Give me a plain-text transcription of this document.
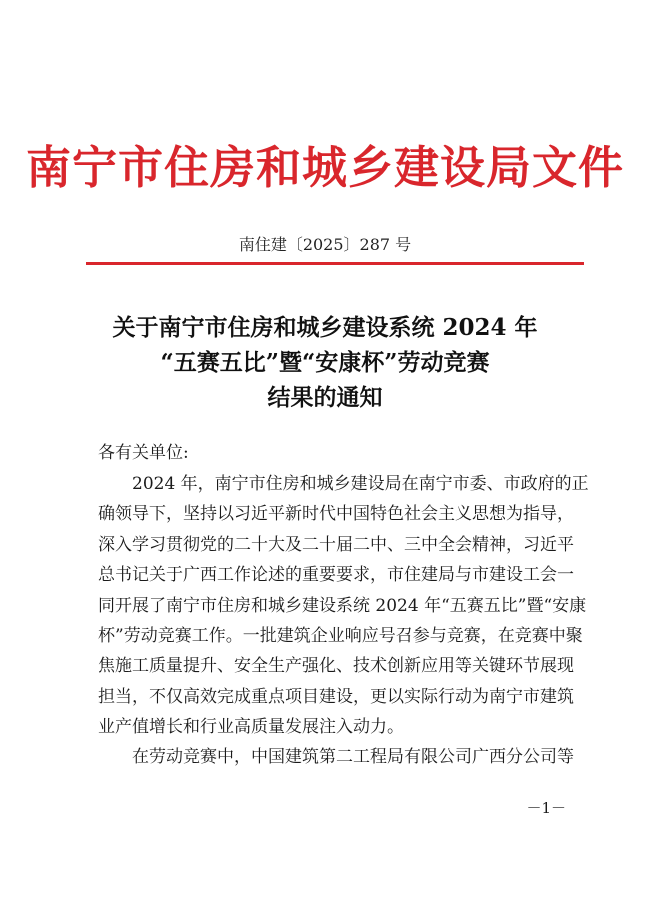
南宁市住房和城乡建设局文件
南住建〔2025〕287 号
关于南宁市住房和城乡建设系统 2024 年
“五赛五比”暨“安康杯”劳动竞赛
结果的通知
各有关单位:
2024 年，南宁市住房和城乡建设局在南宁市委、市政府的正
确领导下，坚持以习近平新时代中国特色社会主义思想为指导，
深入学习贯彻党的二十大及二十届二中、三中全会精神，习近平
总书记关于广西工作论述的重要要求，市住建局与市建设工会一
同开展了南宁市住房和城乡建设系统 2024 年“五赛五比”暨“安康
杯”劳动竞赛工作。一批建筑企业响应号召参与竞赛，在竞赛中聚
焦施工质量提升、安全生产强化、技术创新应用等关键环节展现
担当，不仅高效完成重点项目建设，更以实际行动为南宁市建筑
业产值增长和行业高质量发展注入动力。
在劳动竞赛中，中国建筑第二工程局有限公司广西分公司等
－1－
